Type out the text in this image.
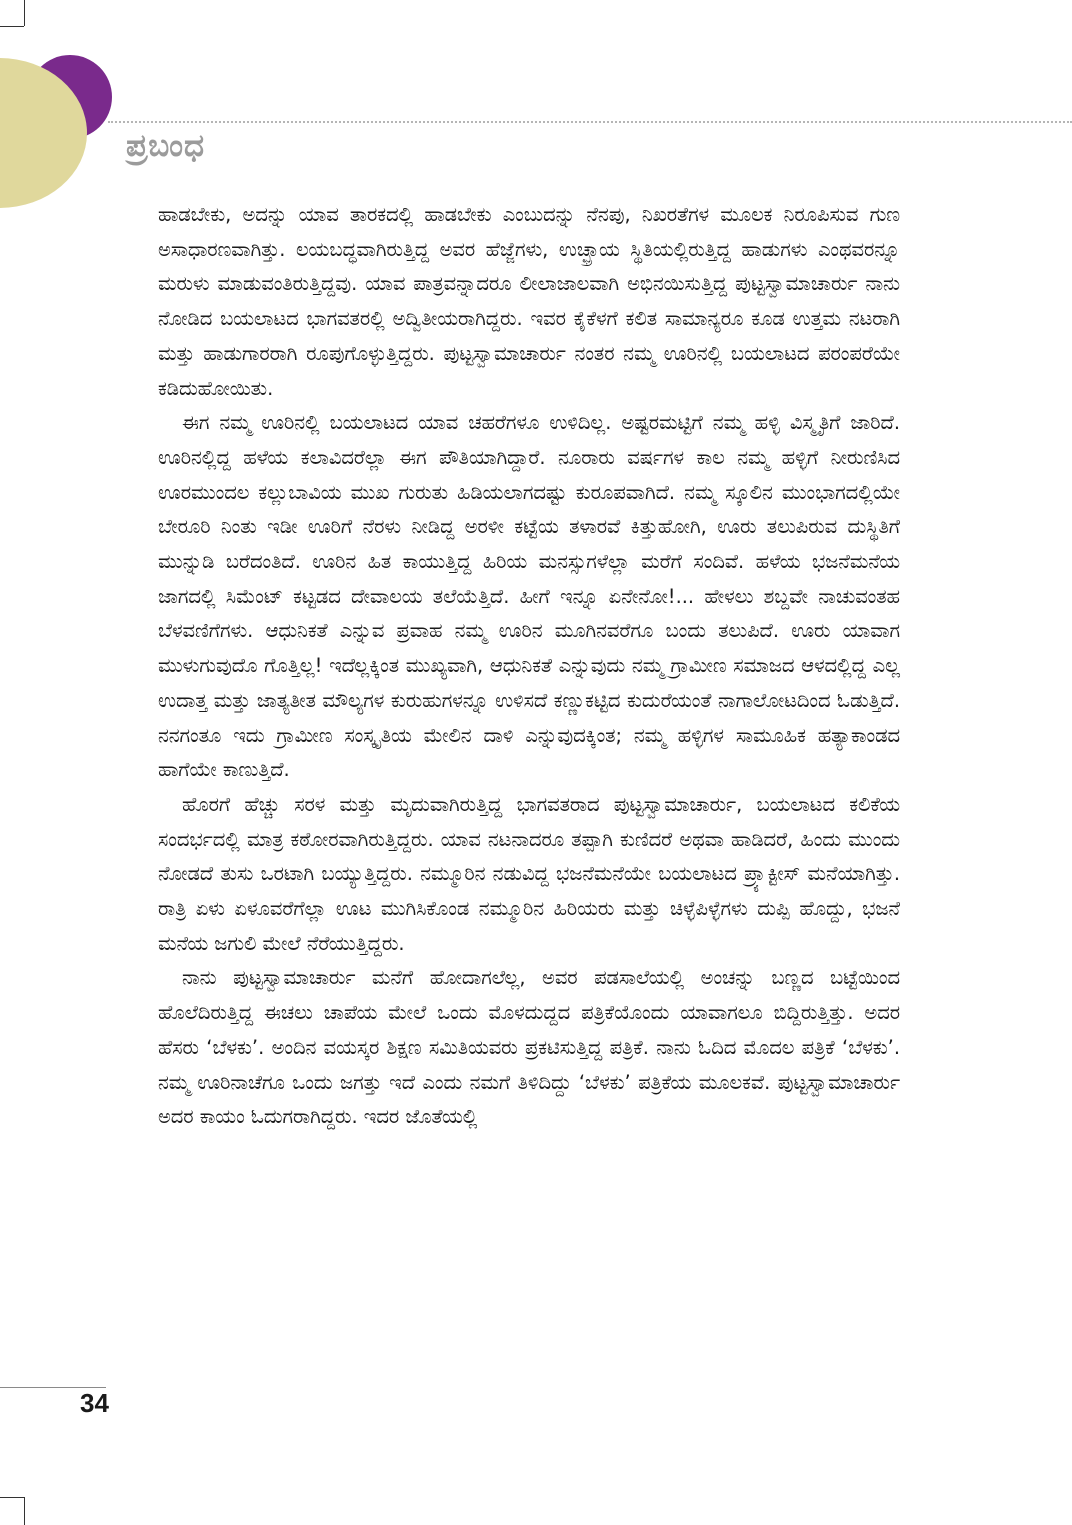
ಪ್ರಬಂಧ

ಹಾಡಬೇಕು, ಅದನ್ನು ಯಾವ ತಾರಕದಲ್ಲಿ ಹಾಡಬೇಕು ಎಂಬುದನ್ನು ನೆನಪು, ನಿಖರತೆಗಳ ಮೂಲಕ ನಿರೂಪಿಸುವ ಗುಣ ಅಸಾಧಾರಣವಾಗಿತ್ತು. ಲಯಬದ್ಧವಾಗಿರುತ್ತಿದ್ದ ಅವರ ಹೆಜ್ಜೆಗಳು, ಉಚ್ಛ್ರಾಯ ಸ್ಥಿತಿಯಲ್ಲಿರುತ್ತಿದ್ದ ಹಾಡುಗಳು ಎಂಥವರನ್ನೂ ಮರುಳು ಮಾಡುವಂತಿರುತ್ತಿದ್ದವು. ಯಾವ ಪಾತ್ರವನ್ನಾದರೂ ಲೀಲಾಜಾಲವಾಗಿ ಅಭಿನಯಿಸುತ್ತಿದ್ದ ಪುಟ್ಟಸ್ವಾಮಾಚಾರ್ರು ನಾನು ನೋಡಿದ ಬಯಲಾಟದ ಭಾಗವತರಲ್ಲಿ ಅದ್ವಿತೀಯರಾಗಿದ್ದರು. ಇವರ ಕೈಕೆಳಗೆ ಕಲಿತ ಸಾಮಾನ್ಯರೂ ಕೂಡ ಉತ್ತಮ ನಟರಾಗಿ ಮತ್ತು ಹಾಡುಗಾರರಾಗಿ ರೂಪುಗೊಳ್ಳುತ್ತಿದ್ದರು. ಪುಟ್ಟಸ್ವಾಮಾಚಾರ್ರು ನಂತರ ನಮ್ಮ ಊರಿನಲ್ಲಿ ಬಯಲಾಟದ ಪರಂಪರೆಯೇ ಕಡಿದುಹೋಯಿತು.

ಈಗ ನಮ್ಮ ಊರಿನಲ್ಲಿ ಬಯಲಾಟದ ಯಾವ ಚಹರೆಗಳೂ ಉಳಿದಿಲ್ಲ. ಅಷ್ಟರಮಟ್ಟಿಗೆ ನಮ್ಮ ಹಳ್ಳಿ ವಿಸ್ಮೃತಿಗೆ ಜಾರಿದೆ. ಊರಿನಲ್ಲಿದ್ದ ಹಳೆಯ ಕಲಾವಿದರೆಲ್ಲಾ ಈಗ ಪೌತಿಯಾಗಿದ್ದಾರೆ. ನೂರಾರು ವರ್ಷಗಳ ಕಾಲ ನಮ್ಮ ಹಳ್ಳಿಗೆ ನೀರುಣಿಸಿದ ಊರಮುಂದಲ ಕಲ್ಲುಬಾವಿಯ ಮುಖ ಗುರುತು ಹಿಡಿಯಲಾಗದಷ್ಟು ಕುರೂಪವಾಗಿದೆ. ನಮ್ಮ ಸ್ಕೂಲಿನ ಮುಂಭಾಗದಲ್ಲಿಯೇ ಬೇರೂರಿ ನಿಂತು ಇಡೀ ಊರಿಗೆ ನೆರಳು ನೀಡಿದ್ದ ಅರಳೀ ಕಟ್ಟೆಯ ತಳಾರವೆ ಕಿತ್ತುಹೋಗಿ, ಊರು ತಲುಪಿರುವ ದುಸ್ಥಿತಿಗೆ ಮುನ್ನುಡಿ ಬರೆದಂತಿದೆ. ಊರಿನ ಹಿತ ಕಾಯುತ್ತಿದ್ದ ಹಿರಿಯ ಮನಸ್ಸುಗಳೆಲ್ಲಾ ಮರೆಗೆ ಸಂದಿವೆ. ಹಳೆಯ ಭಜನೆಮನೆಯ ಜಾಗದಲ್ಲಿ ಸಿಮೆಂಟ್ ಕಟ್ಟಡದ ದೇವಾಲಯ ತಲೆಯೆತ್ತಿದೆ. ಹೀಗೆ ಇನ್ನೂ ಏನೇನೋ!... ಹೇಳಲು ಶಬ್ದವೇ ನಾಚುವಂತಹ ಬೆಳವಣಿಗೆಗಳು. ಆಧುನಿಕತೆ ಎನ್ನುವ ಪ್ರವಾಹ ನಮ್ಮ ಊರಿನ ಮೂಗಿನವರೆಗೂ ಬಂದು ತಲುಪಿದೆ. ಊರು ಯಾವಾಗ ಮುಳುಗುವುದೊ ಗೊತ್ತಿಲ್ಲ! ಇದೆಲ್ಲಕ್ಕಿಂತ ಮುಖ್ಯವಾಗಿ, ಆಧುನಿಕತೆ ಎನ್ನುವುದು ನಮ್ಮ ಗ್ರಾಮೀಣ ಸಮಾಜದ ಆಳದಲ್ಲಿದ್ದ ಎಲ್ಲ ಉದಾತ್ತ ಮತ್ತು ಜಾತ್ಯತೀತ ಮೌಲ್ಯಗಳ ಕುರುಹುಗಳನ್ನೂ ಉಳಿಸದೆ ಕಣ್ಣುಕಟ್ಟಿದ ಕುದುರೆಯಂತೆ ನಾಗಾಲೋಟದಿಂದ ಓಡುತ್ತಿದೆ. ನನಗಂತೂ ಇದು ಗ್ರಾಮೀಣ ಸಂಸ್ಕೃತಿಯ ಮೇಲಿನ ದಾಳಿ ಎನ್ನುವುದಕ್ಕಿಂತ; ನಮ್ಮ ಹಳ್ಳಿಗಳ ಸಾಮೂಹಿಕ ಹತ್ಯಾಕಾಂಡದ ಹಾಗೆಯೇ ಕಾಣುತ್ತಿದೆ.

ಹೊರಗೆ ಹೆಚ್ಚು ಸರಳ ಮತ್ತು ಮೃದುವಾಗಿರುತ್ತಿದ್ದ ಭಾಗವತರಾದ ಪುಟ್ಟಸ್ವಾಮಾಚಾರ್ರು, ಬಯಲಾಟದ ಕಲಿಕೆಯ ಸಂದರ್ಭದಲ್ಲಿ ಮಾತ್ರ ಕಠೋರವಾಗಿರುತ್ತಿದ್ದರು. ಯಾವ ನಟನಾದರೂ ತಪ್ಪಾಗಿ ಕುಣಿದರೆ ಅಥವಾ ಹಾಡಿದರೆ, ಹಿಂದು ಮುಂದು ನೋಡದೆ ತುಸು ಒರಟಾಗಿ ಬಯ್ಯುತ್ತಿದ್ದರು. ನಮ್ಮೂರಿನ ನಡುವಿದ್ದ ಭಜನೆಮನೆಯೇ ಬಯಲಾಟದ ಪ್ರ್ಯಾಕ್ಟೀಸ್ ಮನೆಯಾಗಿತ್ತು. ರಾತ್ರಿ ಏಳು ಏಳೂವರೆಗೆಲ್ಲಾ ಊಟ ಮುಗಿಸಿಕೊಂಡ ನಮ್ಮೂರಿನ ಹಿರಿಯರು ಮತ್ತು ಚಿಳ್ಳೆಪಿಳ್ಳೆಗಳು ದುಪ್ಪಿ ಹೊದ್ದು, ಭಜನೆ ಮನೆಯ ಜಗುಲಿ ಮೇಲೆ ನೆರೆಯುತ್ತಿದ್ದರು.

ನಾನು ಪುಟ್ಟಸ್ವಾಮಾಚಾರ್ರು ಮನೆಗೆ ಹೋದಾಗಲೆಲ್ಲ, ಅವರ ಪಡಸಾಲೆಯಲ್ಲಿ ಅಂಚನ್ನು ಬಣ್ಣದ ಬಟ್ಟೆಯಿಂದ ಹೊಲೆದಿರುತ್ತಿದ್ದ ಈಚಲು ಚಾಪೆಯ ಮೇಲೆ ಒಂದು ಮೊಳದುದ್ದದ ಪತ್ರಿಕೆಯೊಂದು ಯಾವಾಗಲೂ ಬಿದ್ದಿರುತ್ತಿತ್ತು. ಅದರ ಹೆಸರು ‘ಬೆಳಕು’. ಅಂದಿನ ವಯಸ್ಕರ ಶಿಕ್ಷಣ ಸಮಿತಿಯವರು ಪ್ರಕಟಿಸುತ್ತಿದ್ದ ಪತ್ರಿಕೆ. ನಾನು ಓದಿದ ಮೊದಲ ಪತ್ರಿಕೆ ‘ಬೆಳಕು’. ನಮ್ಮ ಊರಿನಾಚೆಗೂ ಒಂದು ಜಗತ್ತು ಇದೆ ಎಂದು ನಮಗೆ ತಿಳಿದಿದ್ದು ‘ಬೆಳಕು’ ಪತ್ರಿಕೆಯ ಮೂಲಕವೆ. ಪುಟ್ಟಸ್ವಾಮಾಚಾರ್ರು ಅದರ ಕಾಯಂ ಓದುಗರಾಗಿದ್ದರು. ಇದರ ಜೊತೆಯಲ್ಲಿ

34
